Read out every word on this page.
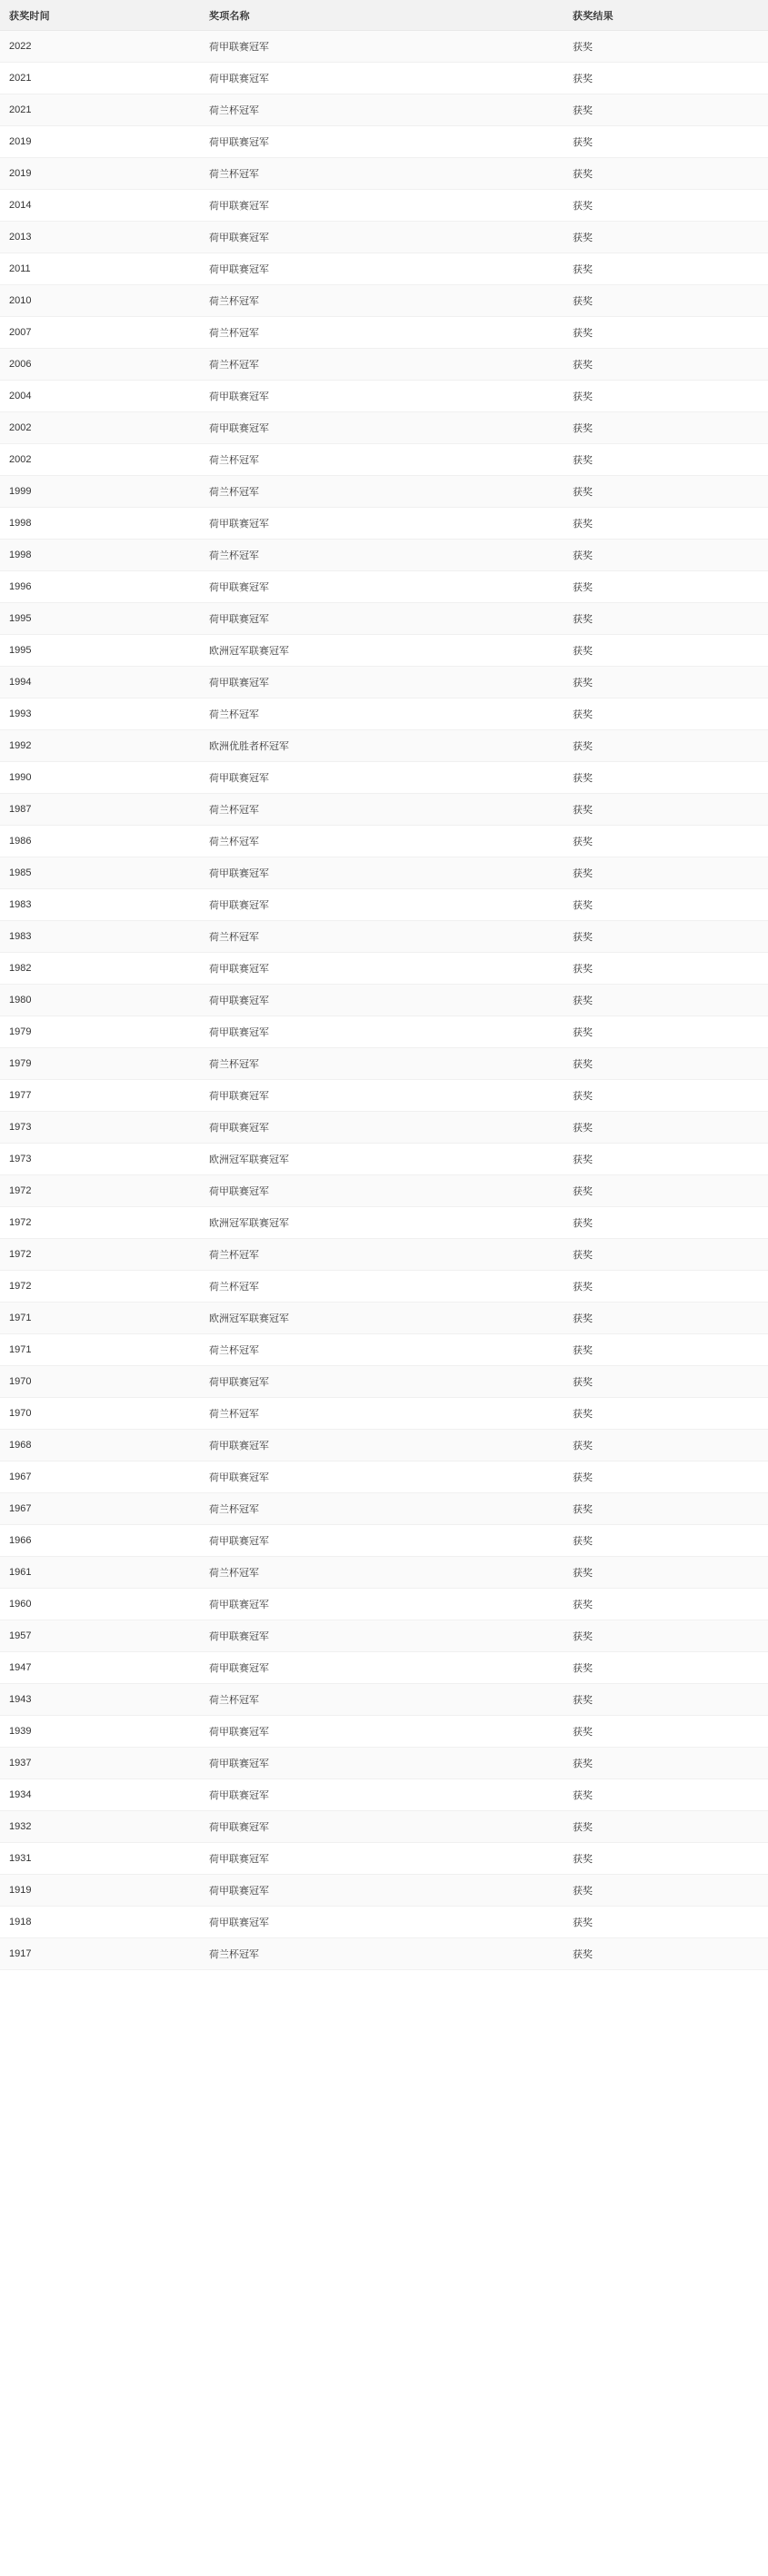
获奖时间	奖项名称	获奖结果
2022	荷甲联赛冠军	获奖
2021	荷甲联赛冠军	获奖
2021	荷兰杯冠军	获奖
2019	荷甲联赛冠军	获奖
2019	荷兰杯冠军	获奖
2014	荷甲联赛冠军	获奖
2013	荷甲联赛冠军	获奖
2011	荷甲联赛冠军	获奖
2010	荷兰杯冠军	获奖
2007	荷兰杯冠军	获奖
2006	荷兰杯冠军	获奖
2004	荷甲联赛冠军	获奖
2002	荷甲联赛冠军	获奖
2002	荷兰杯冠军	获奖
1999	荷兰杯冠军	获奖
1998	荷甲联赛冠军	获奖
1998	荷兰杯冠军	获奖
1996	荷甲联赛冠军	获奖
1995	荷甲联赛冠军	获奖
1995	欧洲冠军联赛冠军	获奖
1994	荷甲联赛冠军	获奖
1993	荷兰杯冠军	获奖
1992	欧洲优胜者杯冠军	获奖
1990	荷甲联赛冠军	获奖
1987	荷兰杯冠军	获奖
1986	荷兰杯冠军	获奖
1985	荷甲联赛冠军	获奖
1983	荷甲联赛冠军	获奖
1983	荷兰杯冠军	获奖
1982	荷甲联赛冠军	获奖
1980	荷甲联赛冠军	获奖
1979	荷甲联赛冠军	获奖
1979	荷兰杯冠军	获奖
1977	荷甲联赛冠军	获奖
1973	荷甲联赛冠军	获奖
1973	欧洲冠军联赛冠军	获奖
1972	荷甲联赛冠军	获奖
1972	欧洲冠军联赛冠军	获奖
1972	荷兰杯冠军	获奖
1972	荷兰杯冠军	获奖
1971	欧洲冠军联赛冠军	获奖
1971	荷兰杯冠军	获奖
1970	荷甲联赛冠军	获奖
1970	荷兰杯冠军	获奖
1968	荷甲联赛冠军	获奖
1967	荷甲联赛冠军	获奖
1967	荷兰杯冠军	获奖
1966	荷甲联赛冠军	获奖
1961	荷兰杯冠军	获奖
1960	荷甲联赛冠军	获奖
1957	荷甲联赛冠军	获奖
1947	荷甲联赛冠军	获奖
1943	荷兰杯冠军	获奖
1939	荷甲联赛冠军	获奖
1937	荷甲联赛冠军	获奖
1934	荷甲联赛冠军	获奖
1932	荷甲联赛冠军	获奖
1931	荷甲联赛冠军	获奖
1919	荷甲联赛冠军	获奖
1918	荷甲联赛冠军	获奖
1917	荷兰杯冠军	获奖
